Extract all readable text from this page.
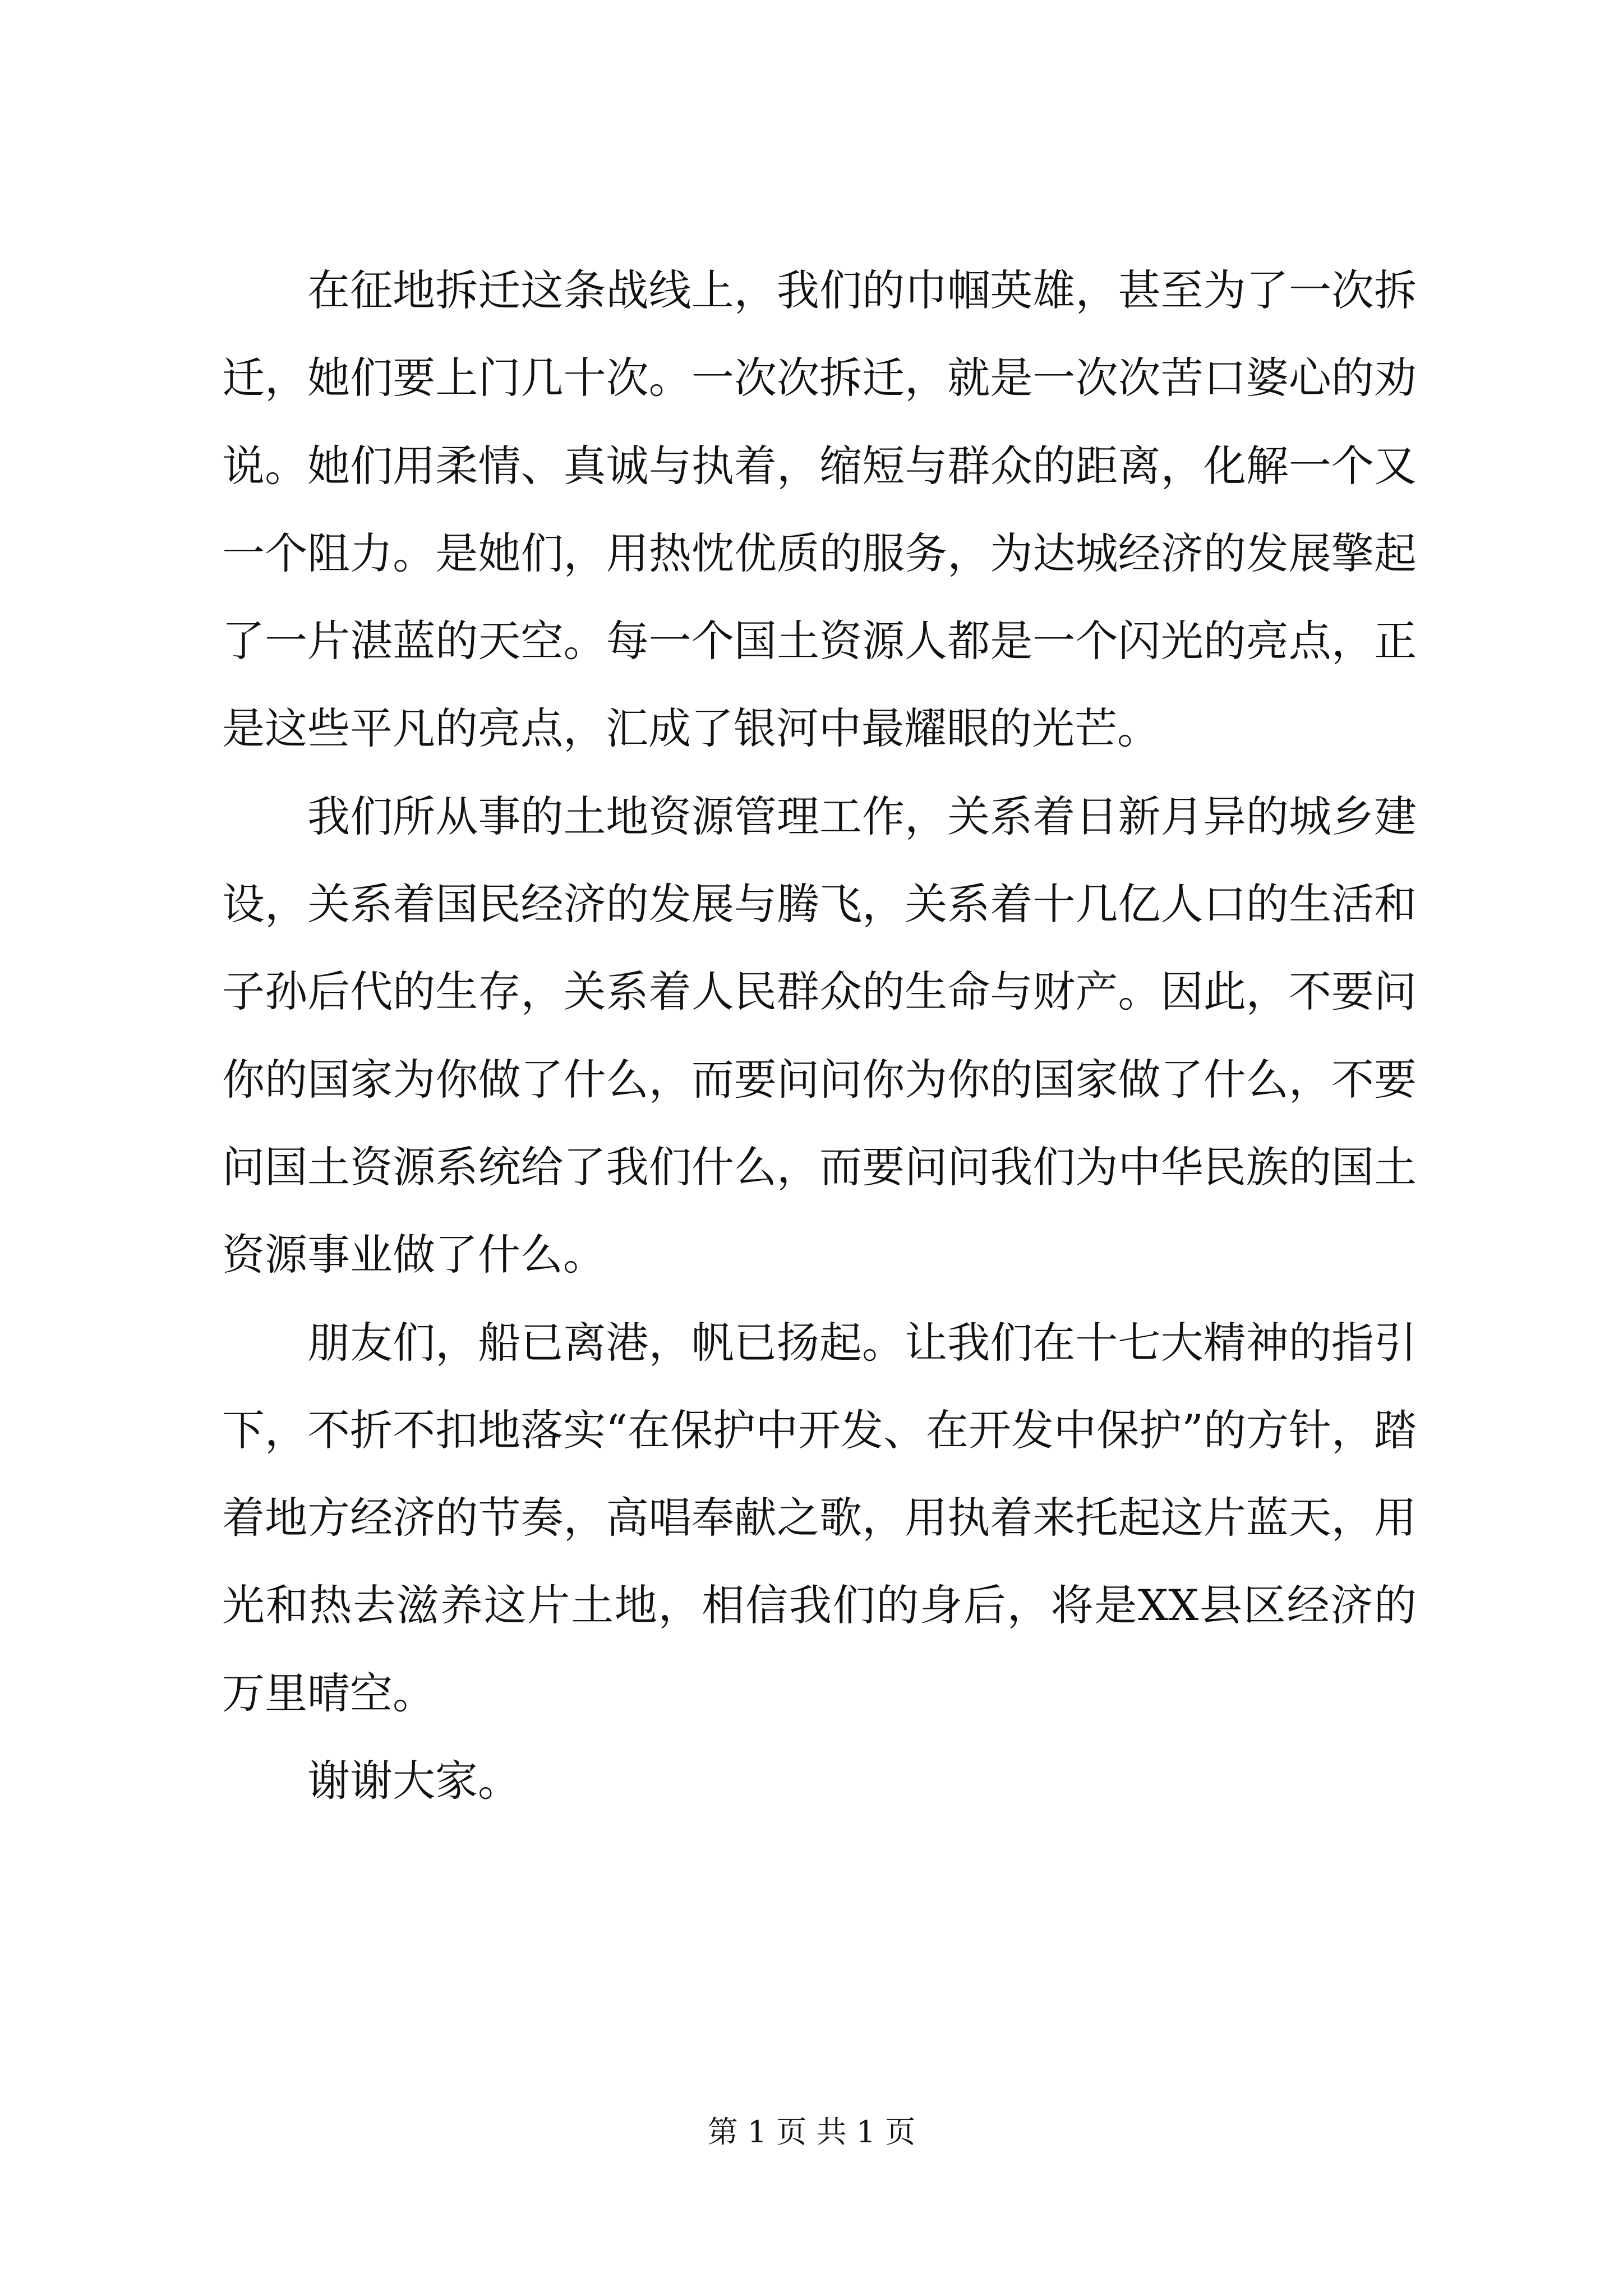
在征地拆迁这条战线上，我们的巾帼英雄，甚至为了一次拆迁，她们要上门几十次。一次次拆迁，就是一次次苦口婆心的劝说。她们用柔情、真诚与执着，缩短与群众的距离，化解一个又一个阻力。是她们，用热忱优质的服务，为达城经济的发展擎起了一片湛蓝的天空。每一个国土资源人都是一个闪光的亮点，正是这些平凡的亮点，汇成了银河中最耀眼的光芒。

我们所从事的土地资源管理工作，关系着日新月异的城乡建设，关系着国民经济的发展与腾飞，关系着十几亿人口的生活和子孙后代的生存，关系着人民群众的生命与财产。因此，不要问你的国家为你做了什么，而要问问你为你的国家做了什么，不要问国土资源系统给了我们什么，而要问问我们为中华民族的国土资源事业做了什么。

朋友们，船已离港，帆已扬起。让我们在十七大精神的指引下，不折不扣地落实“在保护中开发、在开发中保护”的方针，踏着地方经济的节奏，高唱奉献之歌，用执着来托起这片蓝天，用光和热去滋养这片土地，相信我们的身后，将是XX县区经济的万里晴空。

谢谢大家。

第 1 页 共 1 页
